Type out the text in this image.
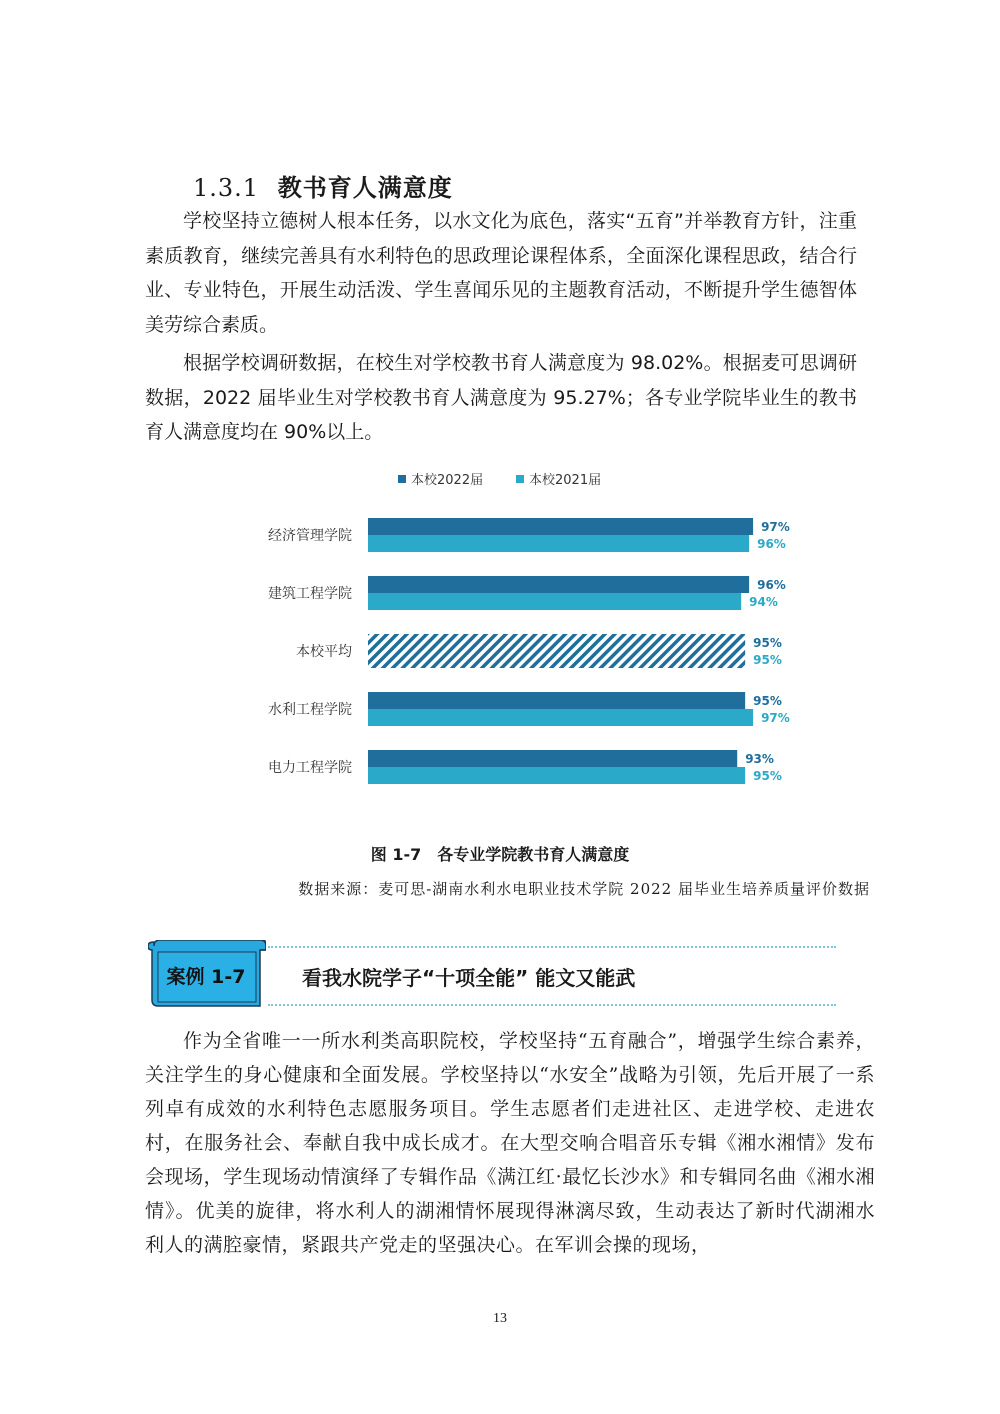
1.3.1 教书育人满意度

学校坚持立德树人根本任务，以水文化为底色，落实“五育”并举教育方针，注重素质教育，继续完善具有水利特色的思政理论课程体系，全面深化课程思政，结合行业、专业特色，开展生动活泼、学生喜闻乐见的主题教育活动，不断提升学生德智体美劳综合素质。

根据学校调研数据，在校生对学校教书育人满意度为 98.02%。根据麦可思调研数据，2022 届毕业生对学校教书育人满意度为 95.27%；各专业学院毕业生的教书育人满意度均在 90%以上。

本校2022届	本校2021届
经济管理学院
97%
96%
建筑工程学院
96%
94%
本校平均
95%
95%
水利工程学院
95%
97%
电力工程学院
93%
95%
图 1-7 各专业学院教书育人满意度
数据来源：麦可思-湖南水利水电职业技术学院 2022 届毕业生培养质量评价数据
案例 1-7	看我水院学子“十项全能” 能文又能武

作为全省唯一一所水利类高职院校，学校坚持“五育融合”，增强学生综合素养，关注学生的身心健康和全面发展。学校坚持以“水安全”战略为引领，先后开展了一系列卓有成效的水利特色志愿服务项目。学生志愿者们走进社区、走进学校、走进农村，在服务社会、奉献自我中成长成才。在大型交响合唱音乐专辑《湘水湘情》发布会现场，学生现场动情演绎了专辑作品《满江红·最忆长沙水》和专辑同名曲《湘水湘情》。优美的旋律，将水利人的湖湘情怀展现得淋漓尽致，生动表达了新时代湖湘水利人的满腔豪情，紧跟共产党走的坚强决心。在军训会操的现场，

13
